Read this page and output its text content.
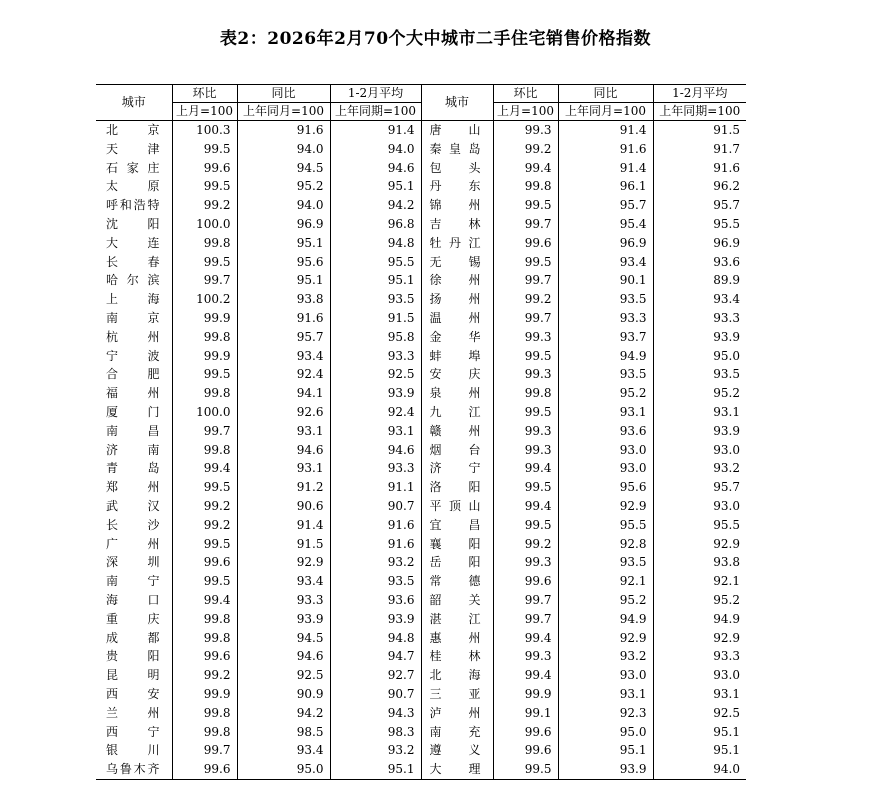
表2：2026年2月70个大中城市二手住宅销售价格指数
城市	环比	同比	1-2月平均	城市	环比	同比	1-2月平均
	上月=100	上年同月=100	上年同期=100		上月=100	上年同月=100	上年同期=100
北京	100.3	91.6	91.4	唐山	99.3	91.4	91.5
天津	99.5	94.0	94.0	秦皇岛	99.2	91.6	91.7
石家庄	99.6	94.5	94.6	包头	99.4	91.4	91.6
太原	99.5	95.2	95.1	丹东	99.8	96.1	96.2
呼和浩特	99.2	94.0	94.2	锦州	99.5	95.7	95.7
沈阳	100.0	96.9	96.8	吉林	99.7	95.4	95.5
大连	99.8	95.1	94.8	牡丹江	99.6	96.9	96.9
长春	99.5	95.6	95.5	无锡	99.5	93.4	93.6
哈尔滨	99.7	95.1	95.1	徐州	99.7	90.1	89.9
上海	100.2	93.8	93.5	扬州	99.2	93.5	93.4
南京	99.9	91.6	91.5	温州	99.7	93.3	93.3
杭州	99.8	95.7	95.8	金华	99.3	93.7	93.9
宁波	99.9	93.4	93.3	蚌埠	99.5	94.9	95.0
合肥	99.5	92.4	92.5	安庆	99.3	93.5	93.5
福州	99.8	94.1	93.9	泉州	99.8	95.2	95.2
厦门	100.0	92.6	92.4	九江	99.5	93.1	93.1
南昌	99.7	93.1	93.1	赣州	99.3	93.6	93.9
济南	99.8	94.6	94.6	烟台	99.3	93.0	93.0
青岛	99.4	93.1	93.3	济宁	99.4	93.0	93.2
郑州	99.5	91.2	91.1	洛阳	99.5	95.6	95.7
武汉	99.2	90.6	90.7	平顶山	99.4	92.9	93.0
长沙	99.2	91.4	91.6	宜昌	99.5	95.5	95.5
广州	99.5	91.5	91.6	襄阳	99.2	92.8	92.9
深圳	99.6	92.9	93.2	岳阳	99.3	93.5	93.8
南宁	99.5	93.4	93.5	常德	99.6	92.1	92.1
海口	99.4	93.3	93.6	韶关	99.7	95.2	95.2
重庆	99.8	93.9	93.9	湛江	99.7	94.9	94.9
成都	99.8	94.5	94.8	惠州	99.4	92.9	92.9
贵阳	99.6	94.6	94.7	桂林	99.3	93.2	93.3
昆明	99.2	92.5	92.7	北海	99.4	93.0	93.0
西安	99.9	90.9	90.7	三亚	99.9	93.1	93.1
兰州	99.8	94.2	94.3	泸州	99.1	92.3	92.5
西宁	99.8	98.5	98.3	南充	99.6	95.0	95.1
银川	99.7	93.4	93.2	遵义	99.6	95.1	95.1
乌鲁木齐	99.6	95.0	95.1	大理	99.5	93.9	94.0
